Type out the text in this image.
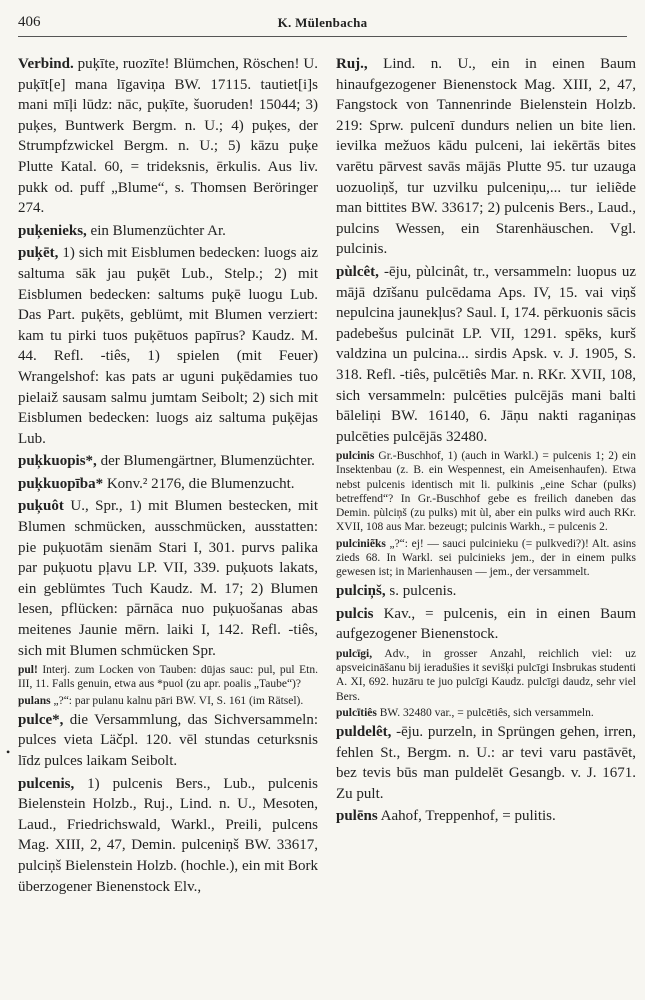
406	K. Mülenbacha
•

Verbind. puķīte, ruozīte! Blümchen, Röschen! U. puķīt[e] mana līgaviņa BW. 17115. tautiet[i]s mani mīļi lūdz: nāc, puķīte, šuoruden! 15044; 3) puķes, Buntwerk Bergm. n. U.; 4) puķes, der Strumpfzwickel Bergm. n. U.; 5) kāzu puķe Plutte Katal. 60, = trideksnis, ērkulis. Aus liv. pukk od. puff „Blume“, s. Thomsen Beröringer 274.

puķenieks, ein Blumenzüchter Ar.

puķēt, 1) sich mit Eisblumen bedecken: luogs aiz saltuma sāk jau puķēt Lub., Stelp.; 2) mit Eisblumen bedecken: saltums puķē luogu Lub. Das Part. puķēts, geblümt, mit Blumen verziert: kam tu pirki tuos puķētuos papīrus? Kaudz. M. 44. Refl. -tiês, 1) spielen (mit Feuer) Wrangelshof: kas pats ar uguni puķēdamies tuo pielaiž sausam salmu jumtam Seibolt; 2) sich mit Eisblumen bedecken: luogs aiz saltuma puķējas Lub.

puķkuopis*, der Blumengärtner, Blumenzüchter.

puķkuopība* Konv.² 2176, die Blumenzucht.

puķuôt U., Spr., 1) mit Blumen bestecken, mit Blumen schmücken, ausschmücken, ausstatten: pie puķuotām sienām Stari I, 301. purvs palika par puķuotu pļavu LP. VII, 339. puķuots lakats, ein geblümtes Tuch Kaudz. M. 17; 2) Blumen lesen, pflücken: pārnāca nuo puķuošanas abas meitenes Jaunie mērn. laiki I, 142. Refl. -tiês, sich mit Blumen schmücken Spr.

pul! Interj. zum Locken von Tauben: dūjas sauc: pul, pul Etn. III, 11. Falls genuin, etwa aus *puol (zu apr. poalis „Taube“)?

pulans „?“: par pulanu kalnu pāri BW. VI, S. 161 (im Rätsel).

pulce*, die Versammlung, das Sichversammeln: pulces vieta Läčpl. 120. vēl stundas ceturksnis līdz pulces laikam Seibolt.

pulcenis, 1) pulcenis Bers., Lub., pulcenis Bielenstein Holzb., Ruj., Lind. n. U., Mesoten, Laud., Friedrichswald, Warkl., Preili, pulcens Mag. XIII, 2, 47, Demin. pulceniņš BW. 33617, pulciņš Bielenstein Holzb. (hochle.), ein mit Bork überzogener Bienenstock Elv.,

Ruj., Lind. n. U., ein in einen Baum hinaufgezogener Bienenstock Mag. XIII, 2, 47, Fangstock von Tannenrinde Bielenstein Holzb. 219: Sprw. pulcenī dundurs nelien un bite lien. ievilka mežuos kādu pulceni, lai iekērtās bites varētu pārvest savās mājās Plutte 95. tur uzauga uozuoliņš, tur uzvilku pulceniņu,... tur ieliẽde man bittites BW. 33617; 2) pulcenis Bers., Laud., pulcins Wessen, ein Starenhäuschen. Vgl. pulcinis.

pùlcêt, -ēju, pùlcinât, tr., versammeln: luopus uz mājā dzīšanu pulcēdama Aps. IV, 15. vai viņš nepulcina jaunekļus? Saul. I, 174. pērkuonis sācis padebešus pulcināt LP. VII, 1291. spēks, kurš valdzina un pulcina... sirdis Apsk. v. J. 1905, S. 318. Refl. -tiês, pulcētiês Mar. n. RKr. XVII, 108, sich versammeln: pulcēties pulcējās mani balti bāleliņi BW. 16140, 6. Jāņu nakti raganiņas pulcēties pulcējās 32480.

pulcinis Gr.-Buschhof, 1) (auch in Warkl.) = pulcenis 1; 2) ein Insektenbau (z. B. ein Wespennest, ein Ameisenhaufen). Etwa nebst pulcenis identisch mit li. pulkinis „eine Schar (pulks) betreffend“? In Gr.-Buschhof gebe es freilich daneben das Demin. pùlciņš (zu pulks) mit ùl, aber ein pulks wird auch RKr. XVII, 108 aus Mar. bezeugt; pulcinis Warkh., = pulcenis 2.

pulciniẽks „?“: ej! — sauci pulcinieku (= pulkvedi?)! Alt. asins zieds 68. In Warkl. sei pulcinieks jem., der in einem pulks gewesen ist; in Marienhausen — jem., der versammelt.

pulciņš, s. pulcenis.

pulcis Kav., = pulcenis, ein in einen Baum aufgezogener Bienenstock.

pulcīgi, Adv., in grosser Anzahl, reichlich viel: uz apsveicināšanu bij ieradušies it sevišķi pulcīgi Insbrukas studenti A. XI, 692. huzāru te juo pulcīgi Kaudz. pulcīgi daudz, sehr viel Bers.

pulcītiês BW. 32480 var., = pulcētiês, sich versammeln.

puldelêt, -ēju. purzeln, in Sprüngen gehen, irren, fehlen St., Bergm. n. U.: ar tevi varu pastāvēt, bez tevis būs man puldelēt Gesangb. v. J. 1671. Zu pult.

pulēns Aahof, Treppenhof, = pulitis.
